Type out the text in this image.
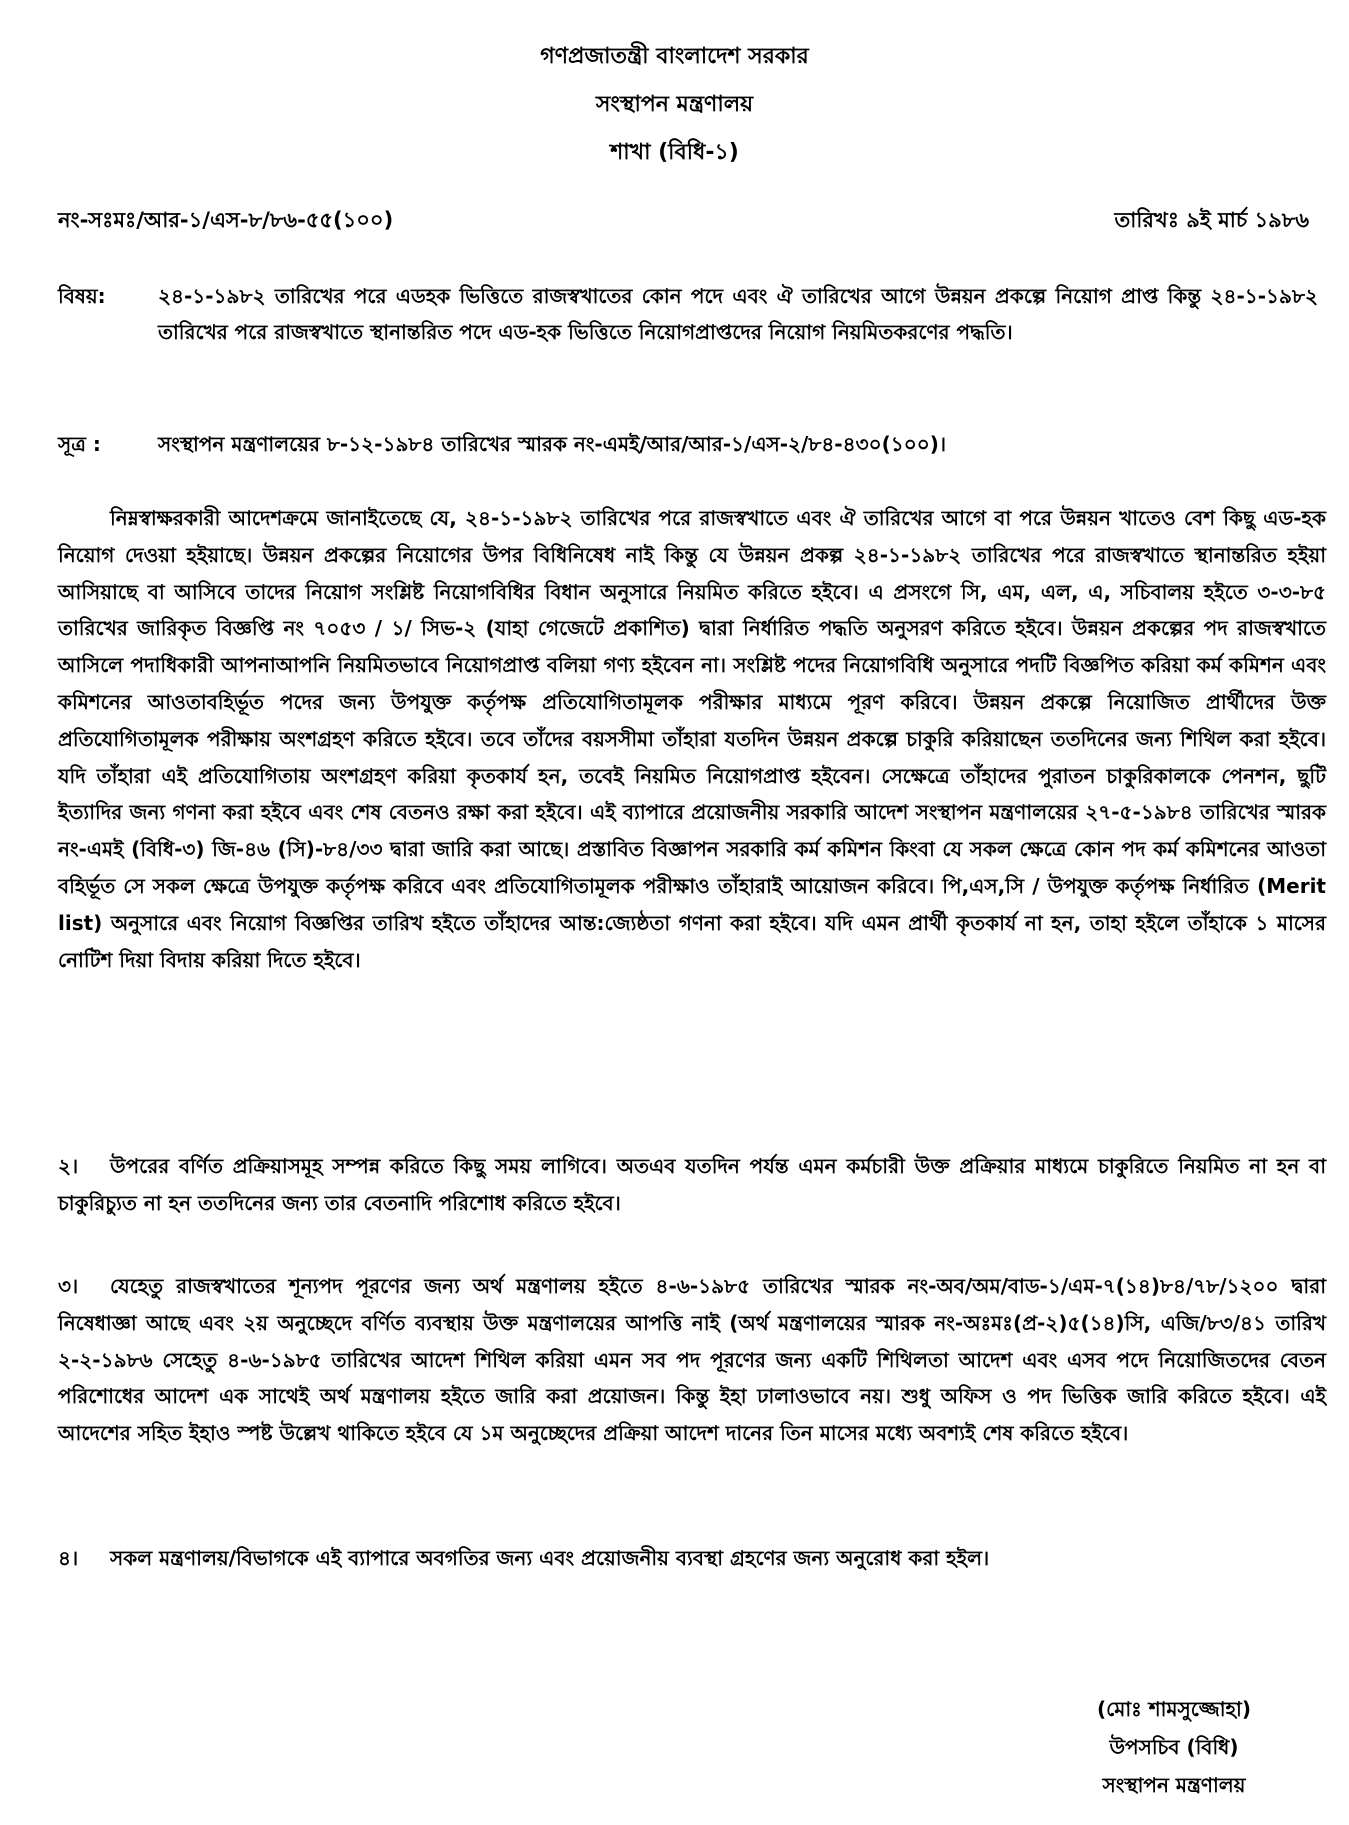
গণপ্রজাতন্ত্রী বাংলাদেশ সরকার
সংস্থাপন মন্ত্রণালয়
শাখা (বিধি-১)
নং-সঃমঃ/আর-১/এস-৮/৮৬-৫৫(১০০)	তারিখঃ ৯ই মার্চ ১৯৮৬
বিষয়:	২৪-১-১৯৮২ তারিখের পরে এডহক ভিত্তিতে রাজস্বখাতের কোন পদে এবং ঐ তারিখের আগে উন্নয়ন প্রকল্পে নিয়োগ প্রাপ্ত কিন্তু ২৪-১-১৯৮২ তারিখের পরে রাজস্বখাতে স্থানান্তরিত পদে এড-হক ভিত্তিতে নিয়োগপ্রাপ্তদের নিয়োগ নিয়মিতকরণের পদ্ধতি।
সূত্র :	সংস্থাপন মন্ত্রণালয়ের ৮-১২-১৯৮৪ তারিখের স্মারক নং-এমই/আর/আর-১/এস-২/৮৪-৪৩০(১০০)।
নিম্নস্বাক্ষরকারী আদেশক্রমে জানাইতেছে যে, ২৪-১-১৯৮২ তারিখের পরে রাজস্বখাতে এবং ঐ তারিখের আগে বা পরে উন্নয়ন খাতেও বেশ কিছু এড-হক নিয়োগ দেওয়া হইয়াছে। উন্নয়ন প্রকল্পের নিয়োগের উপর বিধিনিষেধ নাই কিন্তু যে উন্নয়ন প্রকল্প ২৪-১-১৯৮২ তারিখের পরে রাজস্বখাতে স্থানান্তরিত হইয়া আসিয়াছে বা আসিবে তাদের নিয়োগ সংশ্লিষ্ট নিয়োগবিধির বিধান অনুসারে নিয়মিত করিতে হইবে। এ প্রসংগে সি, এম, এল, এ, সচিবালয় হইতে ৩-৩-৮৫ তারিখের জারিকৃত বিজ্ঞপ্তি নং ৭০৫৩ / ১/ সিভ-২ (যাহা গেজেটে প্রকাশিত) দ্বারা নির্ধারিত পদ্ধতি অনুসরণ করিতে হইবে। উন্নয়ন প্রকল্পের পদ রাজস্বখাতে আসিলে পদাধিকারী আপনাআপনি নিয়মিতভাবে নিয়োগপ্রাপ্ত বলিয়া গণ্য হইবেন না। সংশ্লিষ্ট পদের নিয়োগবিধি অনুসারে পদটি বিজ্ঞপিত করিয়া কর্ম কমিশন এবং কমিশনের আওতাবহির্ভূত পদের জন্য উপযুক্ত কর্তৃপক্ষ প্রতিযোগিতামূলক পরীক্ষার মাধ্যমে পূরণ করিবে। উন্নয়ন প্রকল্পে নিয়োজিত প্রার্থীদের উক্ত প্রতিযোগিতামূলক পরীক্ষায় অংশগ্রহণ করিতে হইবে। তবে তাঁদের বয়সসীমা তাঁহারা যতদিন উন্নয়ন প্রকল্পে চাকুরি করিয়াছেন ততদিনের জন্য শিথিল করা হইবে। যদি তাঁহারা এই প্রতিযোগিতায় অংশগ্রহণ করিয়া কৃতকার্য হন, তবেই নিয়মিত নিয়োগপ্রাপ্ত হইবেন। সেক্ষেত্রে তাঁহাদের পুরাতন চাকুরিকালকে পেনশন, ছুটি ইত্যাদির জন্য গণনা করা হইবে এবং শেষ বেতনও রক্ষা করা হইবে। এই ব্যাপারে প্রয়োজনীয় সরকারি আদেশ সংস্থাপন মন্ত্রণালয়ের ২৭-৫-১৯৮৪ তারিখের স্মারক নং-এমই (বিধি-৩) জি-৪৬ (সি)-৮৪/৩৩ দ্বারা জারি করা আছে। প্রস্তাবিত বিজ্ঞাপন সরকারি কর্ম কমিশন কিংবা যে সকল ক্ষেত্রে কোন পদ কর্ম কমিশনের আওতা বহির্ভূত সে সকল ক্ষেত্রে উপযুক্ত কর্তৃপক্ষ করিবে এবং প্রতিযোগিতামূলক পরীক্ষাও তাঁহারাই আয়োজন করিবে। পি,এস,সি / উপযুক্ত কর্তৃপক্ষ নির্ধারিত (Merit list) অনুসারে এবং নিয়োগ বিজ্ঞপ্তির তারিখ হইতে তাঁহাদের আন্ত:জ্যেষ্ঠতা গণনা করা হইবে। যদি এমন প্রার্থী কৃতকার্য না হন, তাহা হইলে তাঁহাকে ১ মাসের নোটিশ দিয়া বিদায় করিয়া দিতে হইবে।
২। উপরের বর্ণিত প্রক্রিয়াসমূহ সম্পন্ন করিতে কিছু সময় লাগিবে। অতএব যতদিন পর্যন্ত এমন কর্মচারী উক্ত প্রক্রিয়ার মাধ্যমে চাকুরিতে নিয়মিত না হন বা চাকুরিচ্যুত না হন ততদিনের জন্য তার বেতনাদি পরিশোধ করিতে হইবে।
৩। যেহেতু রাজস্বখাতের শূন্যপদ পূরণের জন্য অর্থ মন্ত্রণালয় হইতে ৪-৬-১৯৮৫ তারিখের স্মারক নং-অব/অম/বাড-১/এম-৭(১৪)৮৪/৭৮/১২০০ দ্বারা নিষেধাজ্ঞা আছে এবং ২য় অনুচ্ছেদে বর্ণিত ব্যবস্থায় উক্ত মন্ত্রণালয়ের আপত্তি নাই (অর্থ মন্ত্রণালয়ের স্মারক নং-অঃমঃ(প্র-২)৫(১৪)সি, এজি/৮৩/৪১ তারিখ ২-২-১৯৮৬ সেহেতু ৪-৬-১৯৮৫ তারিখের আদেশ শিথিল করিয়া এমন সব পদ পূরণের জন্য একটি শিথিলতা আদেশ এবং এসব পদে নিয়োজিতদের বেতন পরিশোধের আদেশ এক সাথেই অর্থ মন্ত্রণালয় হইতে জারি করা প্রয়োজন। কিন্তু ইহা ঢালাওভাবে নয়। শুধু অফিস ও পদ ভিত্তিক জারি করিতে হইবে। এই আদেশের সহিত ইহাও স্পষ্ট উল্লেখ থাকিতে হইবে যে ১ম অনুচ্ছেদের প্রক্রিয়া আদেশ দানের তিন মাসের মধ্যে অবশ্যই শেষ করিতে হইবে।
৪। সকল মন্ত্রণালয়/বিভাগকে এই ব্যাপারে অবগতির জন্য এবং প্রয়োজনীয় ব্যবস্থা গ্রহণের জন্য অনুরোধ করা হইল।
(মোঃ শামসুজ্জোহা)
উপসচিব (বিধি)
সংস্থাপন মন্ত্রণালয়
